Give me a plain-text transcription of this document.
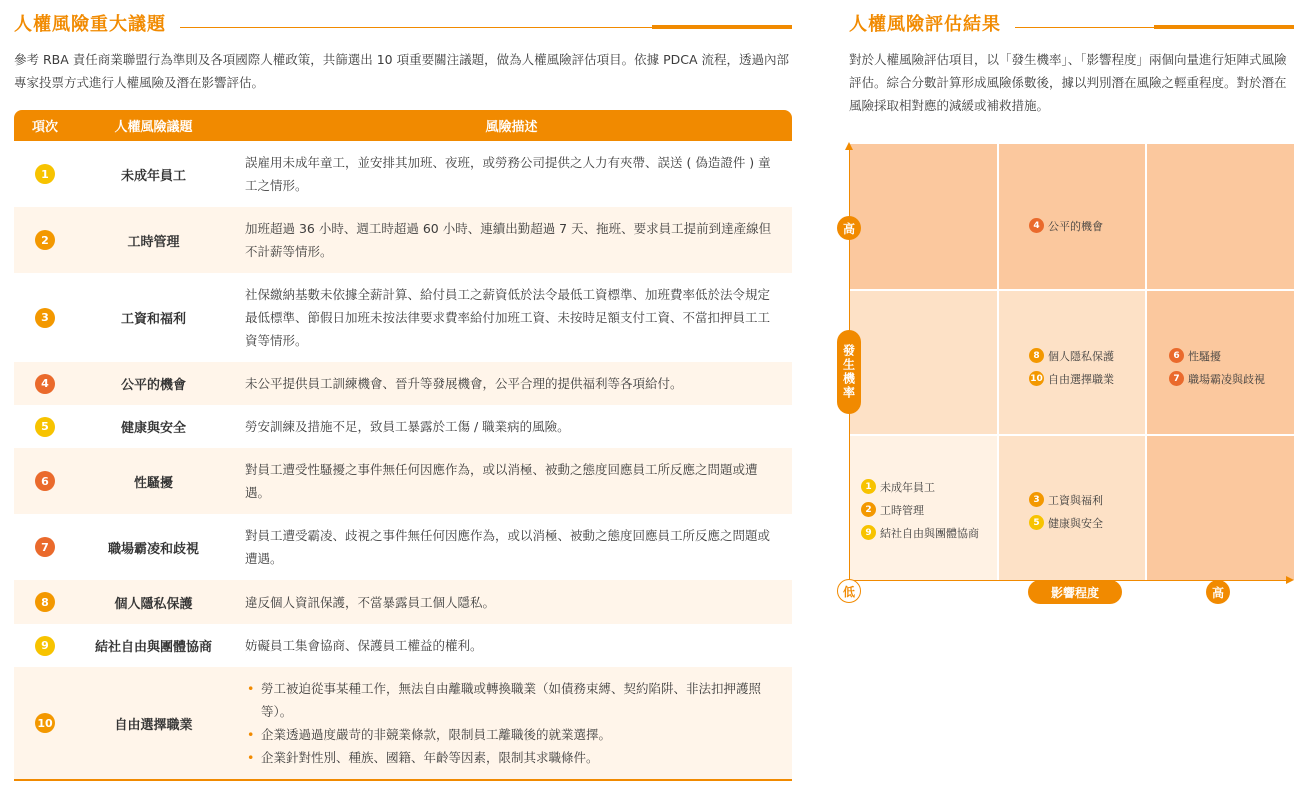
人權風險重大議題

參考 RBA 責任商業聯盟行為準則及各項國際人權政策，共篩選出 10 項重要關注議題，做為人權風險評估項目。依據 PDCA 流程，透過內部專家投票方式進行人權風險及潛在影響評估。

項次	人權風險議題	風險描述
1	未成年員工	誤雇用未成年童工，並安排其加班、夜班，或勞務公司提供之人力有夾帶、誤送 ( 偽造證件 ) 童工之情形。
2	工時管理	加班超過 36 小時、週工時超過 60 小時、連續出勤超過 7 天、拖班、要求員工提前到達產線但不計薪等情形。
3	工資和福利	社保繳納基數未依據全薪計算、給付員工之薪資低於法令最低工資標準、加班費率低於法令規定最低標準、節假日加班未按法律要求費率給付加班工資、未按時足額支付工資、不當扣押員工工資等情形。
4	公平的機會	未公平提供員工訓練機會、晉升等發展機會，公平合理的提供福利等各項給付。
5	健康與安全	勞安訓練及措施不足，致員工暴露於工傷 / 職業病的風險。
6	性騷擾	對員工遭受性騷擾之事件無任何因應作為，或以消極、被動之態度回應員工所反應之問題或遭遇。
7	職場霸凌和歧視	對員工遭受霸凌、歧視之事件無任何因應作為，或以消極、被動之態度回應員工所反應之問題或遭遇。
8	個人隱私保護	違反個人資訊保護，不當暴露員工個人隱私。
9	結社自由與團體協商	妨礙員工集會協商、保護員工權益的權利。
10	自由選擇職業	• 勞工被迫從事某種工作，無法自由離職或轉換職業（如債務束縛、契約陷阱、非法扣押護照等）。
• 企業透過過度嚴苛的非競業條款，限制員工離職後的就業選擇。
• 企業針對性別、種族、國籍、年齡等因素，限制其求職條件。
人權風險評估結果

對於人權風險評估項目，以「發生機率」、「影響程度」兩個向量進行矩陣式風險評估。綜合分數計算形成風險係數後，據以判別潛在風險之輕重程度。對於潛在風險採取相對應的減緩或補救措施。

高
發生機率
低	影響程度	高
4 公平的機會
8 個人隱私保護
10 自由選擇職業
6 性騷擾
7 職場霸凌與歧視
1 未成年員工
2 工時管理
9 結社自由與團體協商
3 工資與福利
5 健康與安全
